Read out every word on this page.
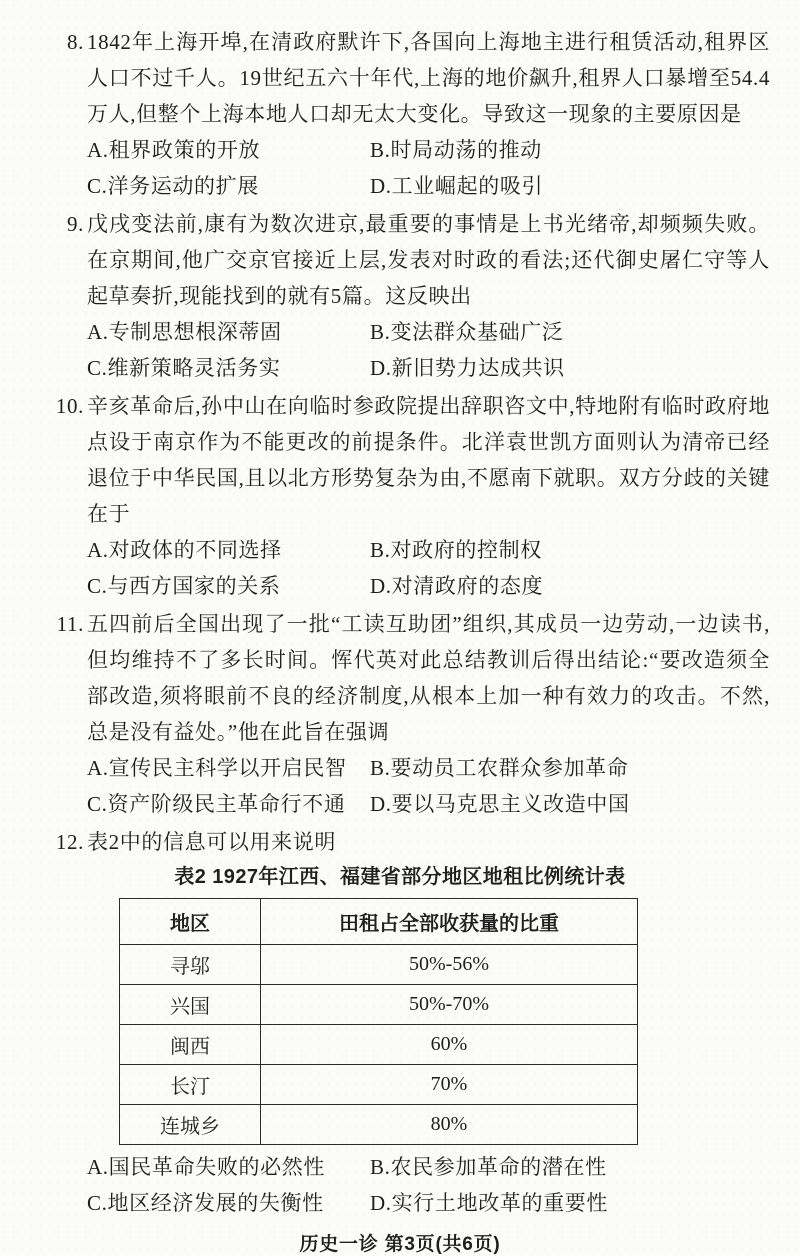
8. 1842年上海开埠,在清政府默许下,各国向上海地主进行租赁活动,租界区人口不过千人。19世纪五六十年代,上海的地价飙升,租界人口暴增至54.4万人,但整个上海本地人口却无太大变化。导致这一现象的主要原因是

A.租界政策的开放	B.时局动荡的推动
C.洋务运动的扩展	D.工业崛起的吸引
9. 戊戌变法前,康有为数次进京,最重要的事情是上书光绪帝,却频频失败。在京期间,他广交京官接近上层,发表对时政的看法;还代御史屠仁守等人起草奏折,现能找到的就有5篇。这反映出

A.专制思想根深蒂固	B.变法群众基础广泛
C.维新策略灵活务实	D.新旧势力达成共识
10. 辛亥革命后,孙中山在向临时参政院提出辞职咨文中,特地附有临时政府地点设于南京作为不能更改的前提条件。北洋袁世凯方面则认为清帝已经退位于中华民国,且以北方形势复杂为由,不愿南下就职。双方分歧的关键在于

A.对政体的不同选择	B.对政府的控制权
C.与西方国家的关系	D.对清政府的态度
11. 五四前后全国出现了一批“工读互助团”组织,其成员一边劳动,一边读书,但均维持不了多长时间。恽代英对此总结教训后得出结论:“要改造须全部改造,须将眼前不良的经济制度,从根本上加一种有效力的攻击。不然,总是没有益处。”他在此旨在强调

A.宣传民主科学以开启民智	B.要动员工农群众参加革命
C.资产阶级民主革命行不通	D.要以马克思主义改造中国
12. 表2中的信息可以用来说明

表2 1927年江西、福建省部分地区地租比例统计表
地区	田租占全部收获量的比重
寻邬	50%-56%
兴国	50%-70%
闽西	60%
长汀	70%
连城乡	80%
A.国民革命失败的必然性	B.农民参加革命的潜在性
C.地区经济发展的失衡性	D.实行土地改革的重要性
历史一诊 第3页(共6页)
